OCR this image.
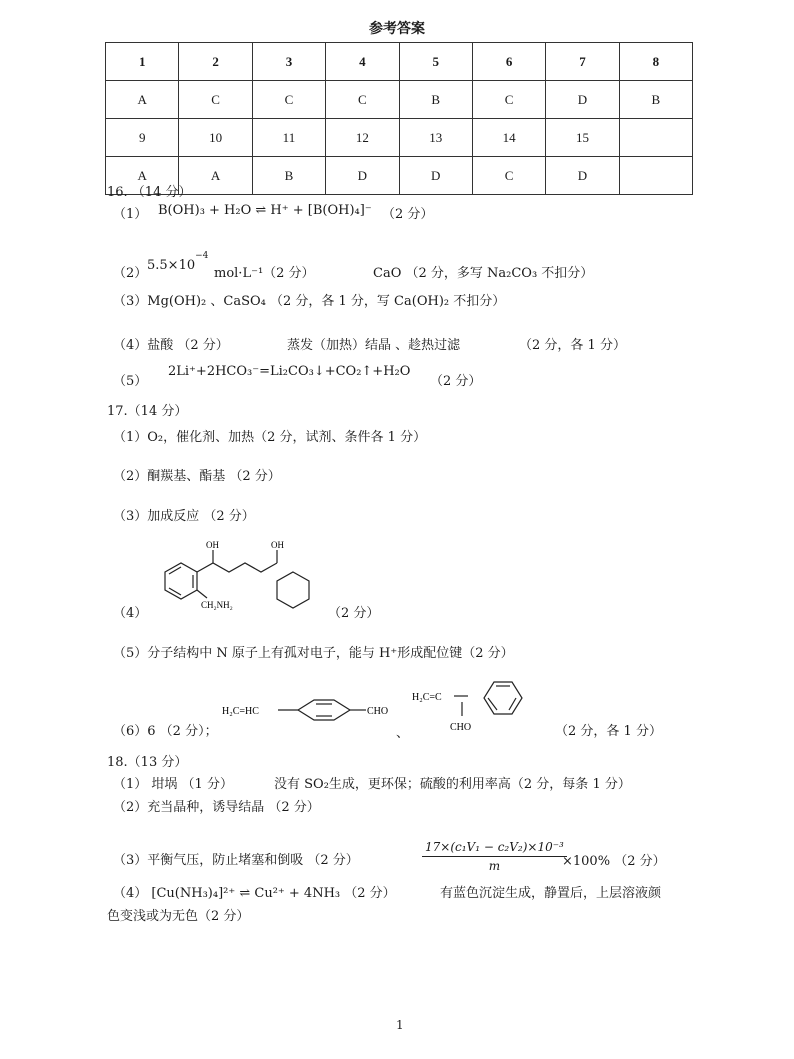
参考答案
1	2	3	4	5	6	7	8
A	C	C	C	B	C	D	B
9	10	11	12	13	14	15	
A	A	B	D	D	C	D	
16. （14 分）
（1） B(OH)₃ + H₂O ⇌ H⁺ + [B(OH)₄]⁻ （2 分）
（2）
$5.5\times 10^{-4}$
mol·L⁻¹（2 分）	CaO （2 分，多写 Na₂CO₃ 不扣分）
（3）Mg(OH)₂ 、CaSO₄ （2 分，各 1 分，写 Ca(OH)₂ 不扣分）
（4）盐酸 （2 分）	蒸发（加热）结晶 、趁热过滤	（2 分，各 1 分）
（5）
2Li⁺+2HCO₃⁻=Li₂CO₃↓+CO₂↑+H₂O
（2 分）
17.（14 分）
（1）O₂，催化剂、加热（2 分，试剂、条件各 1 分）
（2）酮羰基、酯基 （2 分）
（3）加成反应 （2 分）
OH	OH
CH₂NH₂
（4）	（2 分）
（5）分子结构中 N 原子上有孤对电子，能与 H⁺形成配位键（2 分）
H₂C=HC	CHO
、
H₂C=C
CHO
（6）6 （2 分）；	（2 分，各 1 分）
18.（13 分）
（1） 坩埚 （1 分）	没有 SO₂生成，更环保；硫酸的利用率高（2 分，每条 1 分）
（2）充当晶种，诱导结晶 （2 分）
（3）平衡气压，防止堵塞和倒吸 （2 分）	$\frac{\text{17×(c₁V₁ − c₂V₂)×10⁻³}}{m}$
×100% （2 分）
（4） [Cu(NH₃)₄]²⁺ ⇌ Cu²⁺ + 4NH₃ （2 分）	有蓝色沉淀生成，静置后，上层溶液颜
色变浅或为无色（2 分）
1
